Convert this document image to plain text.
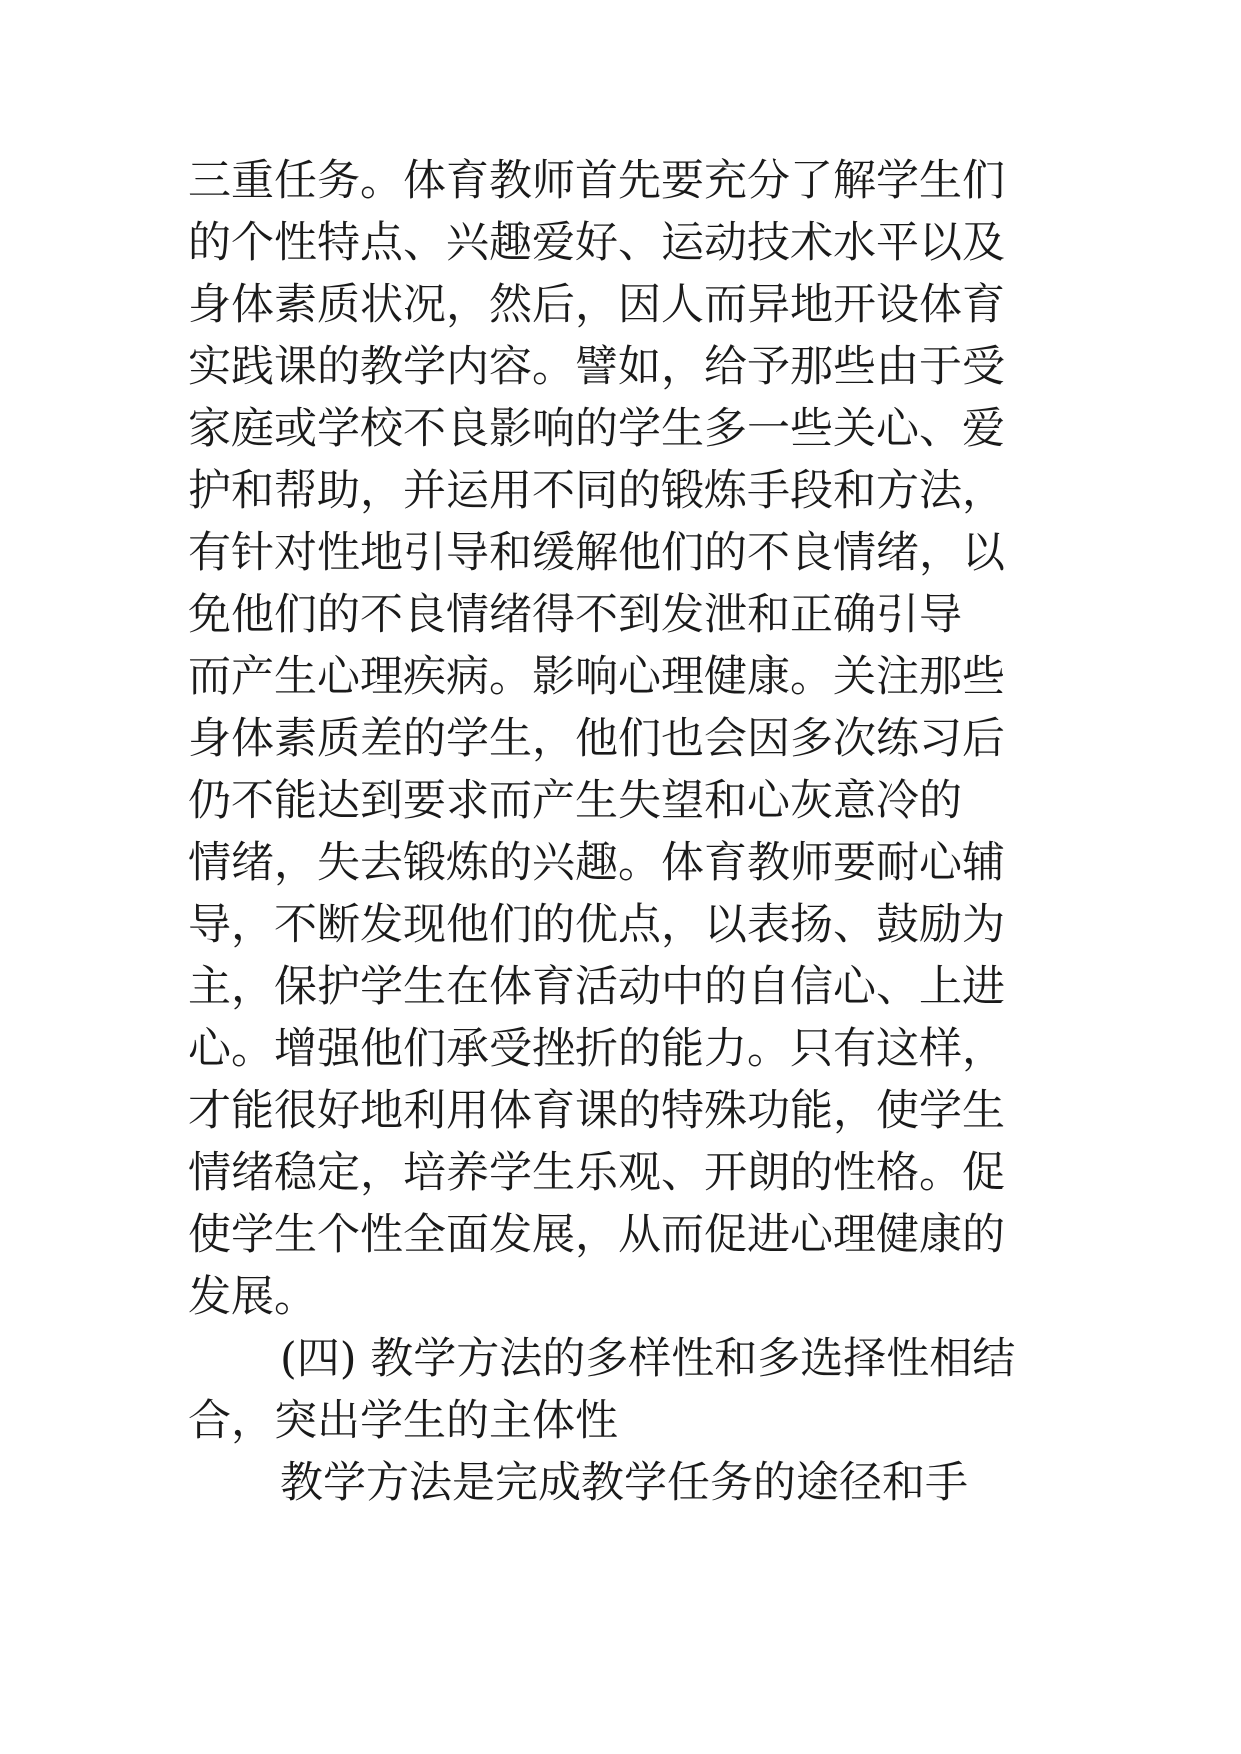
三重任务。体育教师首先要充分了解学生们
的个性特点、兴趣爱好、运动技术水平以及
身体素质状况，然后，因人而异地开设体育
实践课的教学内容。譬如，给予那些由于受
家庭或学校不良影响的学生多一些关心、爱
护和帮助，并运用不同的锻炼手段和方法，
有针对性地引导和缓解他们的不良情绪，以
免他们的不良情绪得不到发泄和正确引导
而产生心理疾病。影响心理健康。关注那些
身体素质差的学生，他们也会因多次练习后
仍不能达到要求而产生失望和心灰意冷的
情绪，失去锻炼的兴趣。体育教师要耐心辅
导，不断发现他们的优点，以表扬、鼓励为
主，保护学生在体育活动中的自信心、上进
心。增强他们承受挫折的能力。只有这样，
才能很好地利用体育课的特殊功能，使学生
情绪稳定，培养学生乐观、开朗的性格。促
使学生个性全面发展，从而促进心理健康的
发展。
(四) 教学方法的多样性和多选择性相结
合，突出学生的主体性
教学方法是完成教学任务的途径和手
